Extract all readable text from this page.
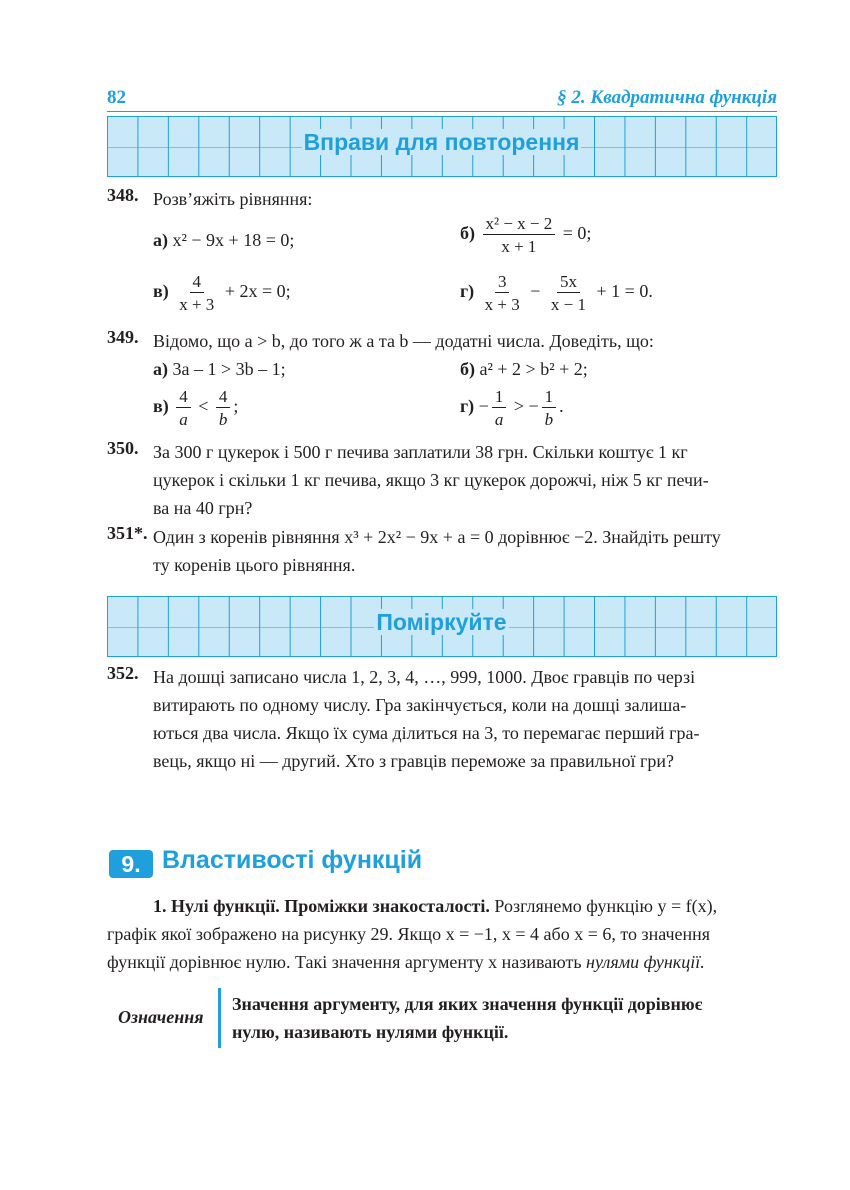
82	§ 2. Квадратична функція
Вправи для повторення
348. Розв’яжіть рівняння:
а) x² − 9x + 18 = 0;	$б) \frac{\text{x² − x − 2}}{x + 1} = 0$;
$в) \frac{4}{x + 3} + 2x = 0$;	$г) \frac{3}{x + 3} - \frac{5x}{x - 1} + 1 = 0$.
349. Відомо, що a > b, до того ж a та b — додатні числа. Доведіть, що:
а) 3a – 1 > 3b – 1;	б) a² + 2 > b² + 2;
$в) \frac{4}{a} < \frac{4}{b}$ ;	$г) - \frac{1}{a}$ > − $\frac{1}{b}$ .
350. За 300 г цукерок і 500 г печива заплатили 38 грн. Скільки коштує 1 кг
цукерок і скільки 1 кг печива, якщо 3 кг цукерок дорожчі, ніж 5 кг печи-
ва на 40 грн?
351*. Один з коренів рівняння x³ + 2x² − 9x + a = 0 дорівнює −2. Знайдіть решту
ту коренів цього рівняння.
Поміркуйте
352. На дошці записано числа 1, 2, 3, 4, …, 999, 1000. Двоє гравців по черзі
витирають по одному числу. Гра закінчується, коли на дошці залиша-
ються два числа. Якщо їх сума ділиться на 3, то перемагає перший гра-
вець, якщо ні — другий. Хто з гравців переможе за правильної гри?
9. Властивості функцій
1. Нулі функції. Проміжки знакосталості. Розглянемо функцію y = f(x),
графік якої зображено на рисунку 29. Якщо x = −1, x = 4 або x = 6, то значення
функції дорівнює нулю. Такі значення аргументу x називають нулями функції.
Означення
Значення аргументу, для яких значення функції дорівнює
нулю, називають нулями функції.
